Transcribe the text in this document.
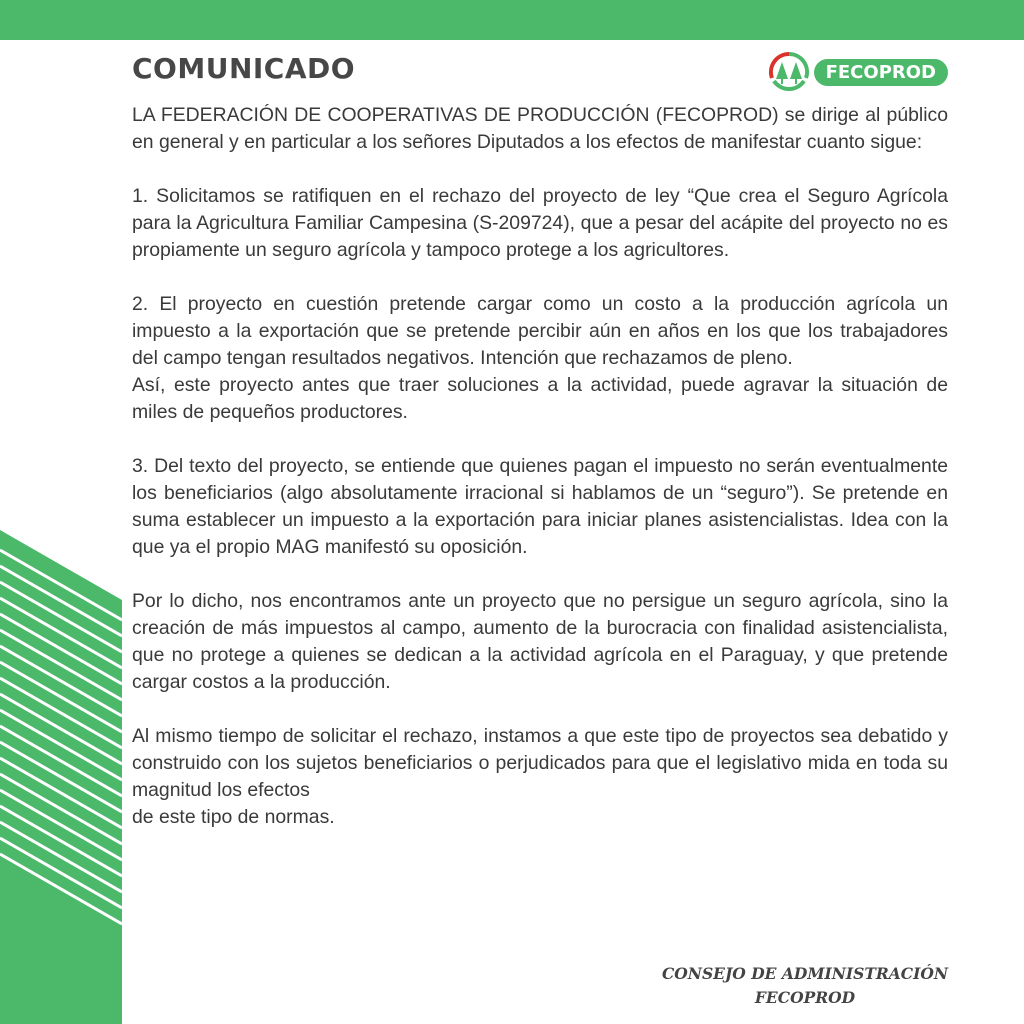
COMUNICADO	FECOPROD

LA FEDERACIÓN DE COOPERATIVAS DE PRODUCCIÓN (FECOPROD) se dirige al público en general y en particular a los señores Diputados a los efectos de manifestar cuanto sigue:

1. Solicitamos se ratifiquen en el rechazo del proyecto de ley “Que crea el Seguro Agrícola para la Agricultura Familiar Campesina (S-209724), que a pesar del acápite del proyecto no es propiamente un seguro agrícola y tampoco protege a los agricultores.

2. El proyecto en cuestión pretende cargar como un costo a la producción agrícola un impuesto a la exportación que se pretende percibir aún en años en los que los trabajadores del campo tengan resultados negativos. Intención que rechazamos de pleno.

Así, este proyecto antes que traer soluciones a la actividad, puede agravar la situación de miles de pequeños productores.

3. Del texto del proyecto, se entiende que quienes pagan el impuesto no serán eventualmente los beneficiarios (algo absolutamente irracional si hablamos de un “seguro”). Se pretende en suma establecer un impuesto a la exportación para iniciar planes asistencialistas. Idea con la que ya el propio MAG manifestó su oposición.

Por lo dicho, nos encontramos ante un proyecto que no persigue un seguro agrícola, sino la creación de más impuestos al campo, aumento de la burocracia con finalidad asistencialista, que no protege a quienes se dedican a la actividad agrícola en el Paraguay, y que pretende cargar costos a la producción.

Al mismo tiempo de solicitar el rechazo, instamos a que este tipo de proyectos sea debatido y construido con los sujetos beneficiarios o perjudicados para que el legislativo mida en toda su magnitud los efectos

de este tipo de normas.

CONSEJO DE ADMINISTRACIÓN
FECOPROD
